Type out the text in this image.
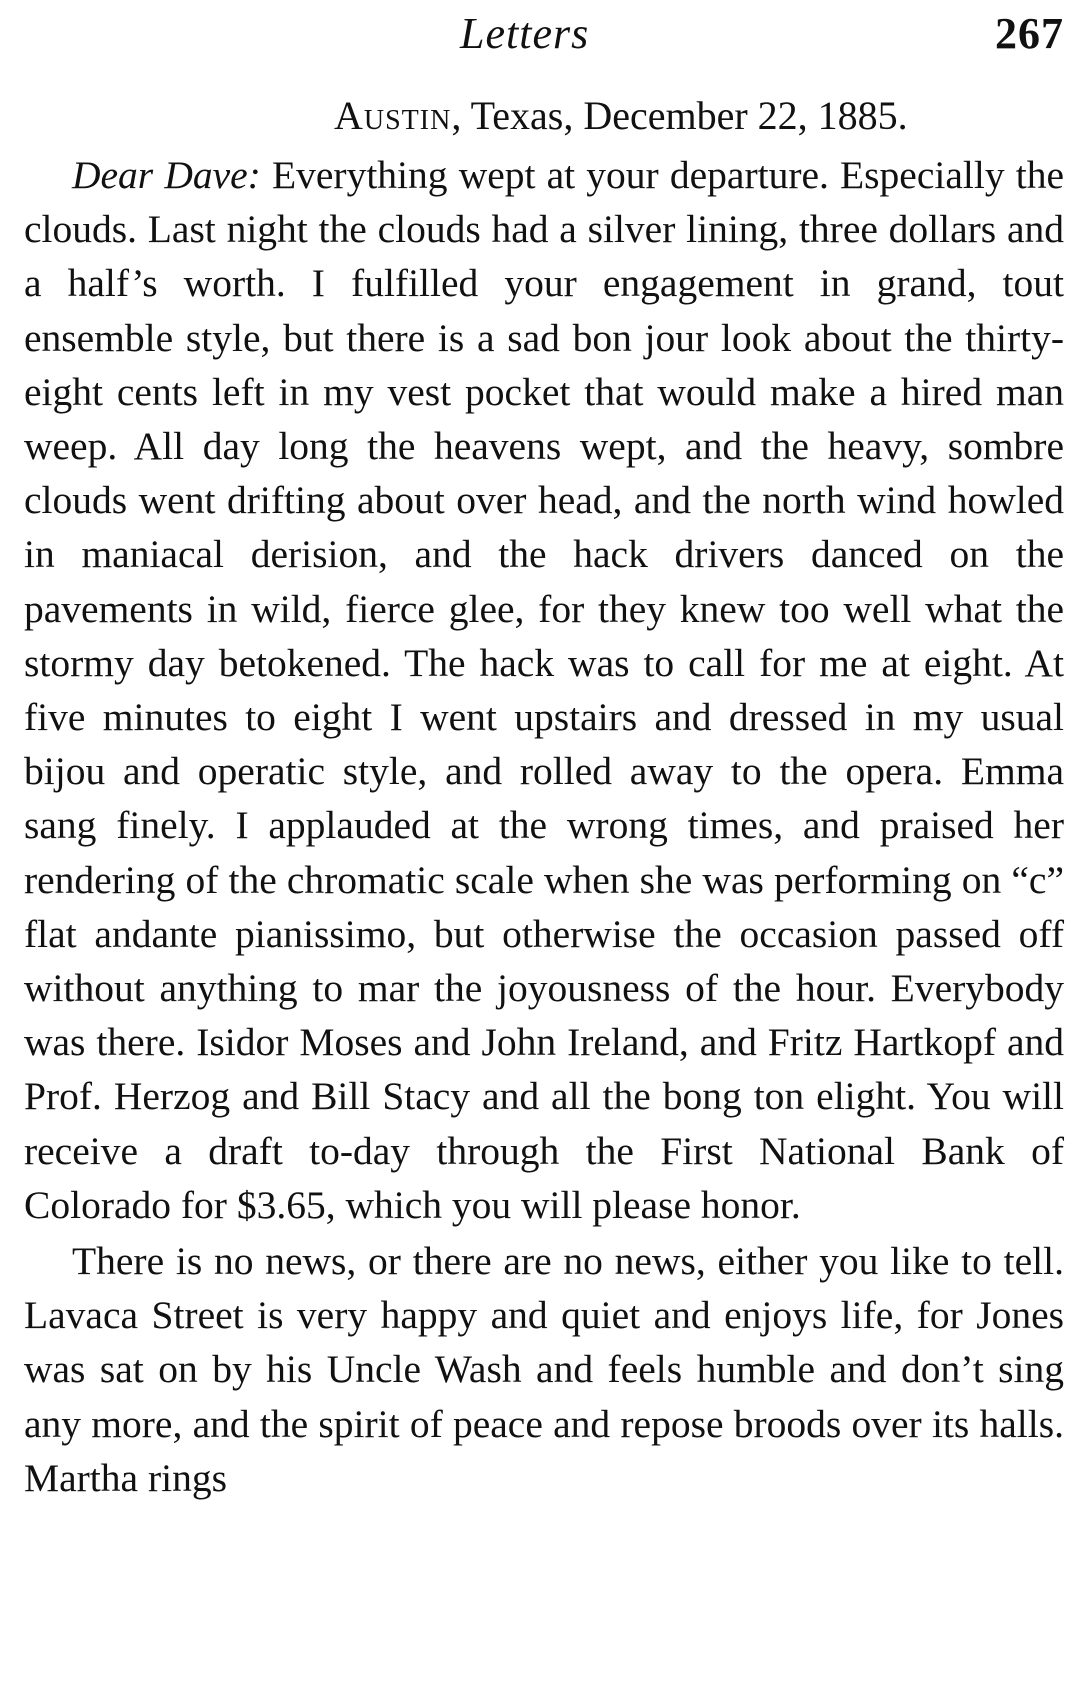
Letters	267
Austin, Texas, December 22, 1885.

Dear Dave: Everything wept at your departure. Especially the clouds. Last night the clouds had a silver lining, three dollars and a half’s worth. I fulfilled your engagement in grand, tout ensemble style, but there is a sad bon jour look about the thirty-eight cents left in my vest pocket that would make a hired man weep. All day long the heavens wept, and the heavy, sombre clouds went drifting about over head, and the north wind howled in maniacal derision, and the hack drivers danced on the pavements in wild, fierce glee, for they knew too well what the stormy day betokened. The hack was to call for me at eight. At five minutes to eight I went upstairs and dressed in my usual bijou and operatic style, and rolled away to the opera. Emma sang finely. I applauded at the wrong times, and praised her rendering of the chromatic scale when she was performing on “c” flat andante pianissimo, but otherwise the occasion passed off without anything to mar the joyousness of the hour. Everybody was there. Isidor Moses and John Ireland, and Fritz Hartkopf and Prof. Herzog and Bill Stacy and all the bong ton elight. You will receive a draft to-day through the First National Bank of Colorado for $3.65, which you will please honor.

There is no news, or there are no news, either you like to tell. Lavaca Street is very happy and quiet and enjoys life, for Jones was sat on by his Uncle Wash and feels humble and don’t sing any more, and the spirit of peace and repose broods over its halls. Martha rings
